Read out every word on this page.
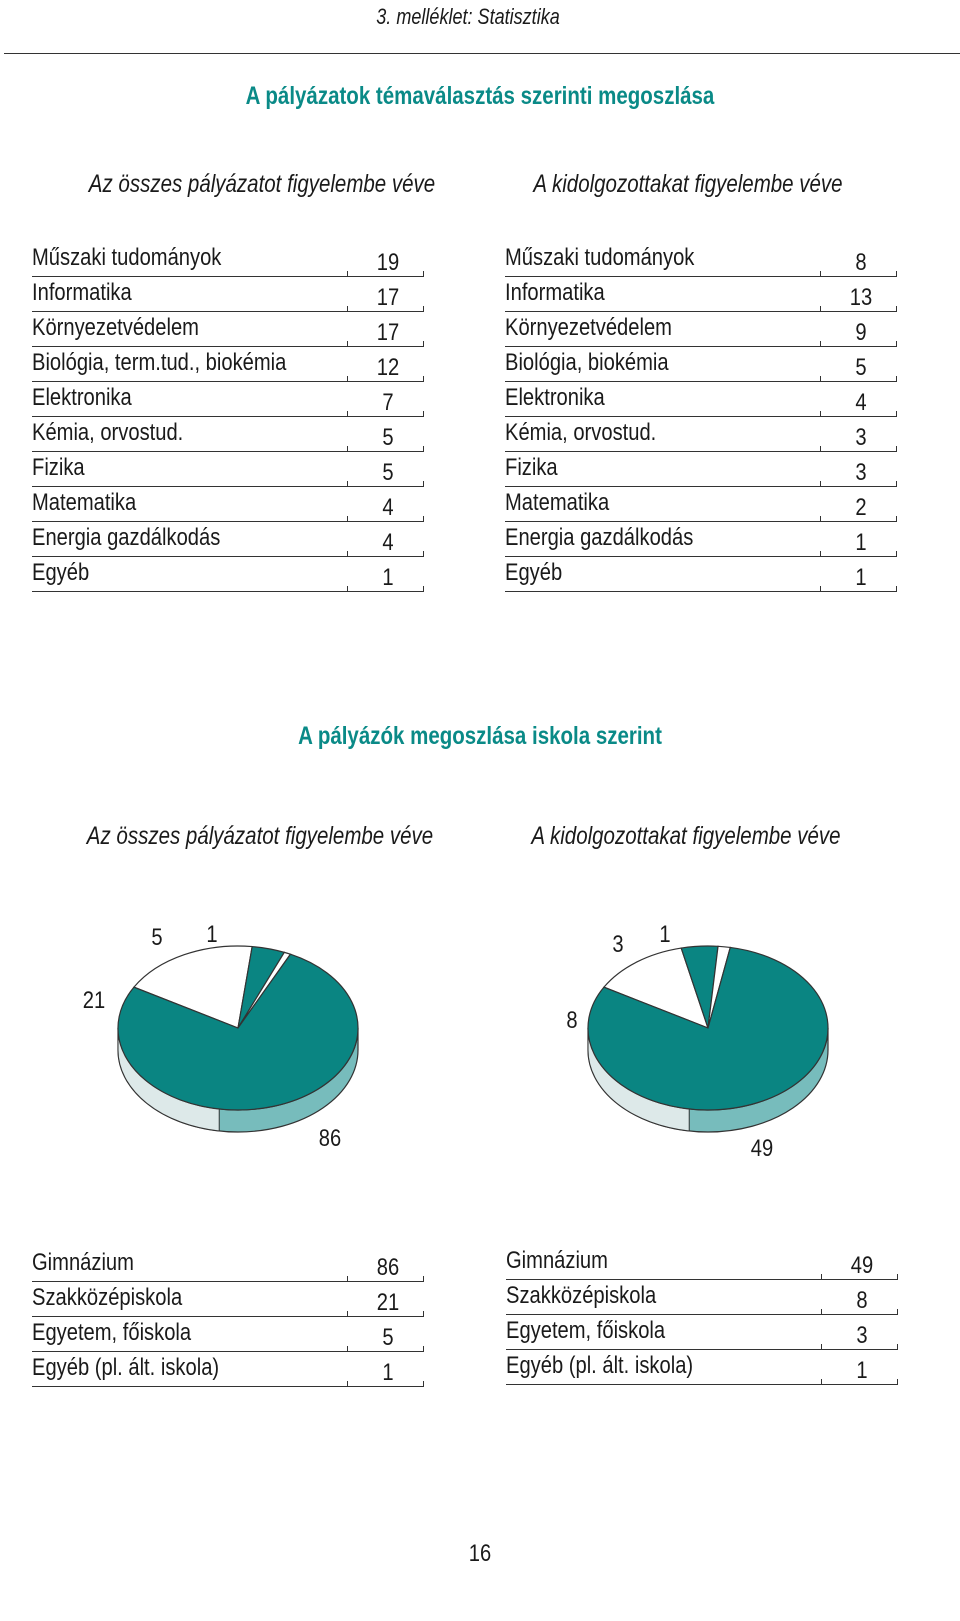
3. melléklet: Statisztika
A pályázatok témaválasztás szerinti megoszlása
Az összes pályázatot figyelembe véve	A kidolgozottakat figyelembe véve
Műszaki tudományok	19
Informatika	17
Környezetvédelem	17
Biológia, term.tud., biokémia	12
Elektronika	7
Kémia, orvostud.	5
Fizika	5
Matematika	4
Energia gazdálkodás	4
Egyéb	1
Műszaki tudományok	8
Informatika	13
Környezetvédelem	9
Biológia, biokémia	5
Elektronika	4
Kémia, orvostud.	3
Fizika	3
Matematika	2
Energia gazdálkodás	1
Egyéb	1
A pályázók megoszlása iskola szerint
Az összes pályázatot figyelembe véve	A kidolgozottakat figyelembe véve
86
21
5 1
49
8
3 1
Gimnázium	86
Szakközépiskola	21
Egyetem, főiskola	5
Egyéb (pl. ált. iskola)	1
Gimnázium	49
Szakközépiskola	8
Egyetem, főiskola	3
Egyéb (pl. ált. iskola)	1
16
